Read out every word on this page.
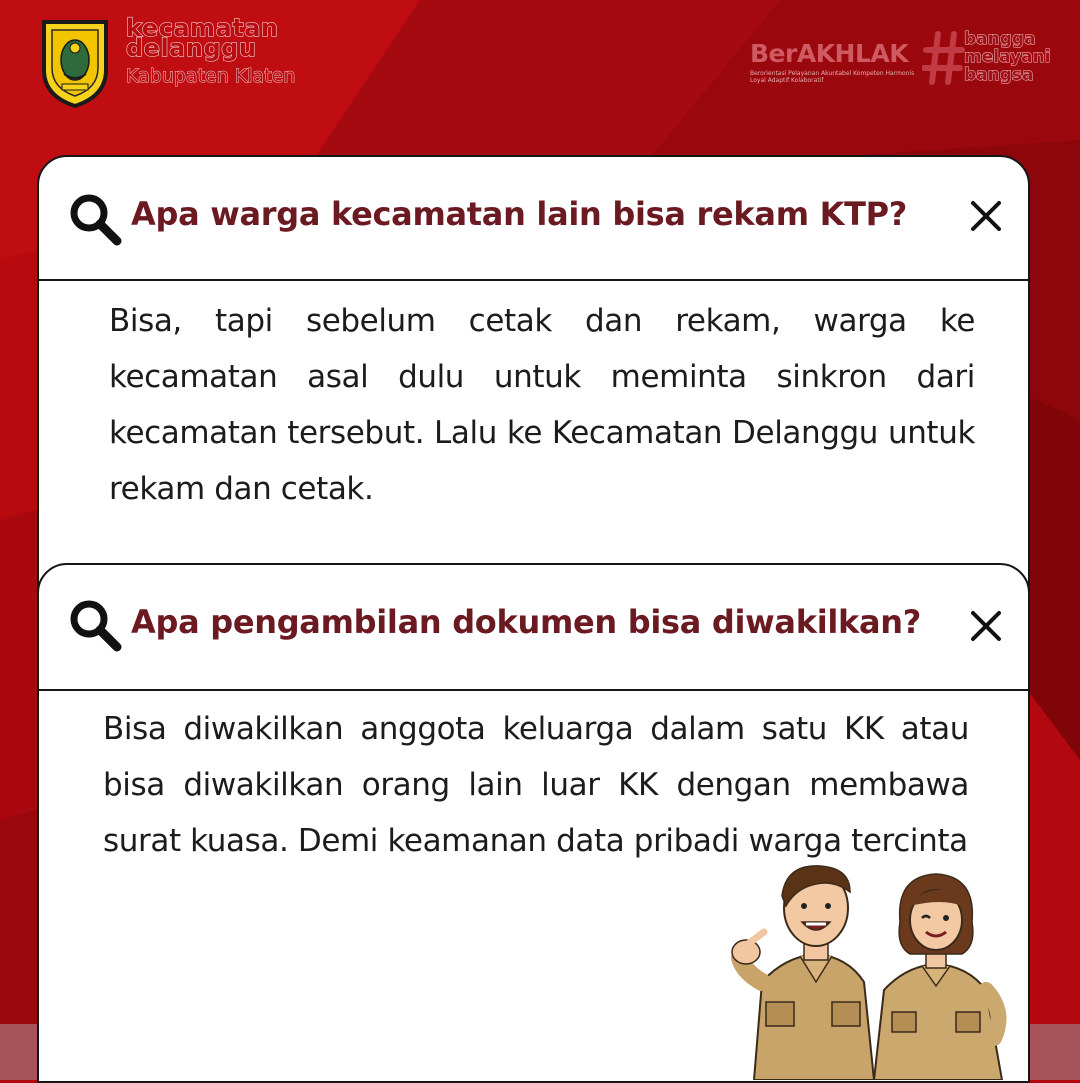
kecamatan
delanggu
Kabupaten Klaten
BerAKHLAK
Berorientasi Pelayanan Akuntabel Kompeten Harmonis Loyal Adaptif Kolaboratif
bangga
melayani
bangsa
Apa warga kecamatan lain bisa rekam KTP?
Bisa, tapi sebelum cetak dan rekam, warga ke kecamatan asal dulu untuk meminta sinkron dari kecamatan tersebut. Lalu ke Kecamatan Delanggu untuk rekam dan cetak.
Apa pengambilan dokumen bisa diwakilkan?
Bisa diwakilkan anggota keluarga dalam satu KK atau bisa diwakilkan orang lain luar KK dengan membawa surat kuasa. Demi keamanan data pribadi warga tercinta
